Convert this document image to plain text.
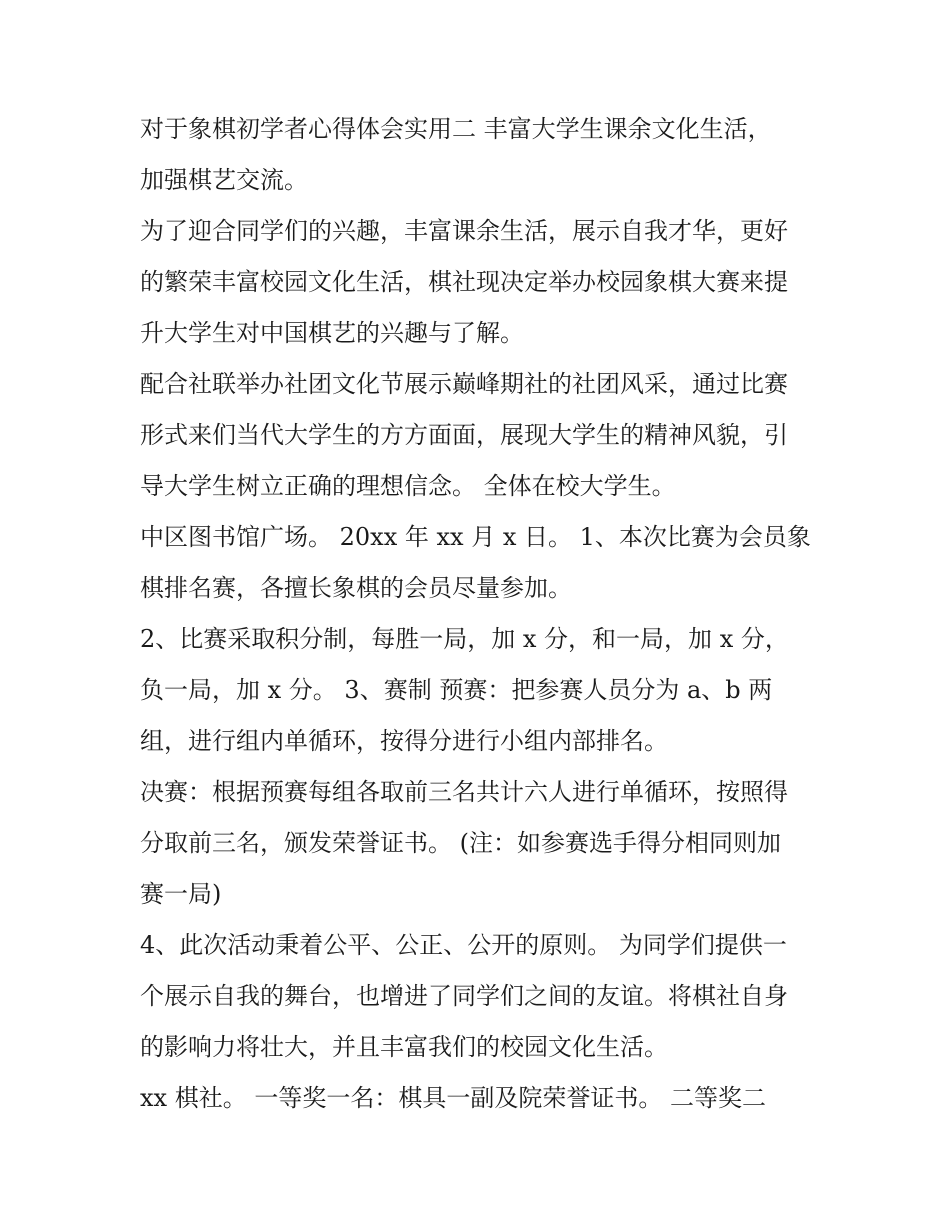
对于象棋初学者心得体会实用二 丰富大学生课余文化生活，
加强棋艺交流。
为了迎合同学们的兴趣，丰富课余生活，展示自我才华，更好
的繁荣丰富校园文化生活，棋社现决定举办校园象棋大赛来提
升大学生对中国棋艺的兴趣与了解。
配合社联举办社团文化节展示巅峰期社的社团风采，通过比赛
形式来们当代大学生的方方面面，展现大学生的精神风貌，引
导大学生树立正确的理想信念。 全体在校大学生。
中区图书馆广场。 20xx 年 xx 月 x 日。 1、本次比赛为会员象
棋排名赛，各擅长象棋的会员尽量参加。
2、比赛采取积分制，每胜一局，加 x 分，和一局，加 x 分，
负一局，加 x 分。 3、赛制 预赛：把参赛人员分为 a、b 两
组，进行组内单循环，按得分进行小组内部排名。
决赛：根据预赛每组各取前三名共计六人进行单循环，按照得
分取前三名，颁发荣誉证书。 (注：如参赛选手得分相同则加
赛一局)
4、此次活动秉着公平、公正、公开的原则。 为同学们提供一
个展示自我的舞台，也增进了同学们之间的友谊。将棋社自身
的影响力将壮大，并且丰富我们的校园文化生活。
xx 棋社。 一等奖一名：棋具一副及院荣誉证书。 二等奖二
